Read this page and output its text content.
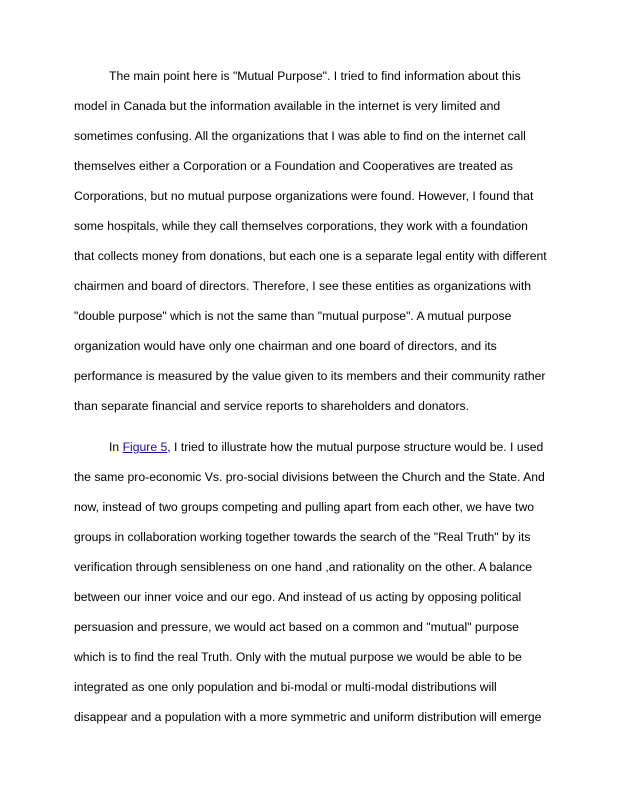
The main point here is "Mutual Purpose". I tried to find information about this
model in Canada but the information available in the internet is very limited and
sometimes confusing. All the organizations that I was able to find on the internet call
themselves either a Corporation or a Foundation and Cooperatives are treated as
Corporations, but no mutual purpose organizations were found. However, I found that
some hospitals, while they call themselves corporations, they work with a foundation
that collects money from donations, but each one is a separate legal entity with different
chairmen and board of directors. Therefore, I see these entities as organizations with
"double purpose" which is not the same than "mutual purpose". A mutual purpose
organization would have only one chairman and one board of directors, and its
performance is measured by the value given to its members and their community rather
than separate financial and service reports to shareholders and donators.
In Figure 5, I tried to illustrate how the mutual purpose structure would be. I used
the same pro-economic Vs. pro-social divisions between the Church and the State. And
now, instead of two groups competing and pulling apart from each other, we have two
groups in collaboration working together towards the search of the "Real Truth" by its
verification through sensibleness on one hand ,and rationality on the other. A balance
between our inner voice and our ego. And instead of us acting by opposing political
persuasion and pressure, we would act based on a common and "mutual" purpose
which is to find the real Truth. Only with the mutual purpose we would be able to be
integrated as one only population and bi-modal or multi-modal distributions will
disappear and a population with a more symmetric and uniform distribution will emerge
